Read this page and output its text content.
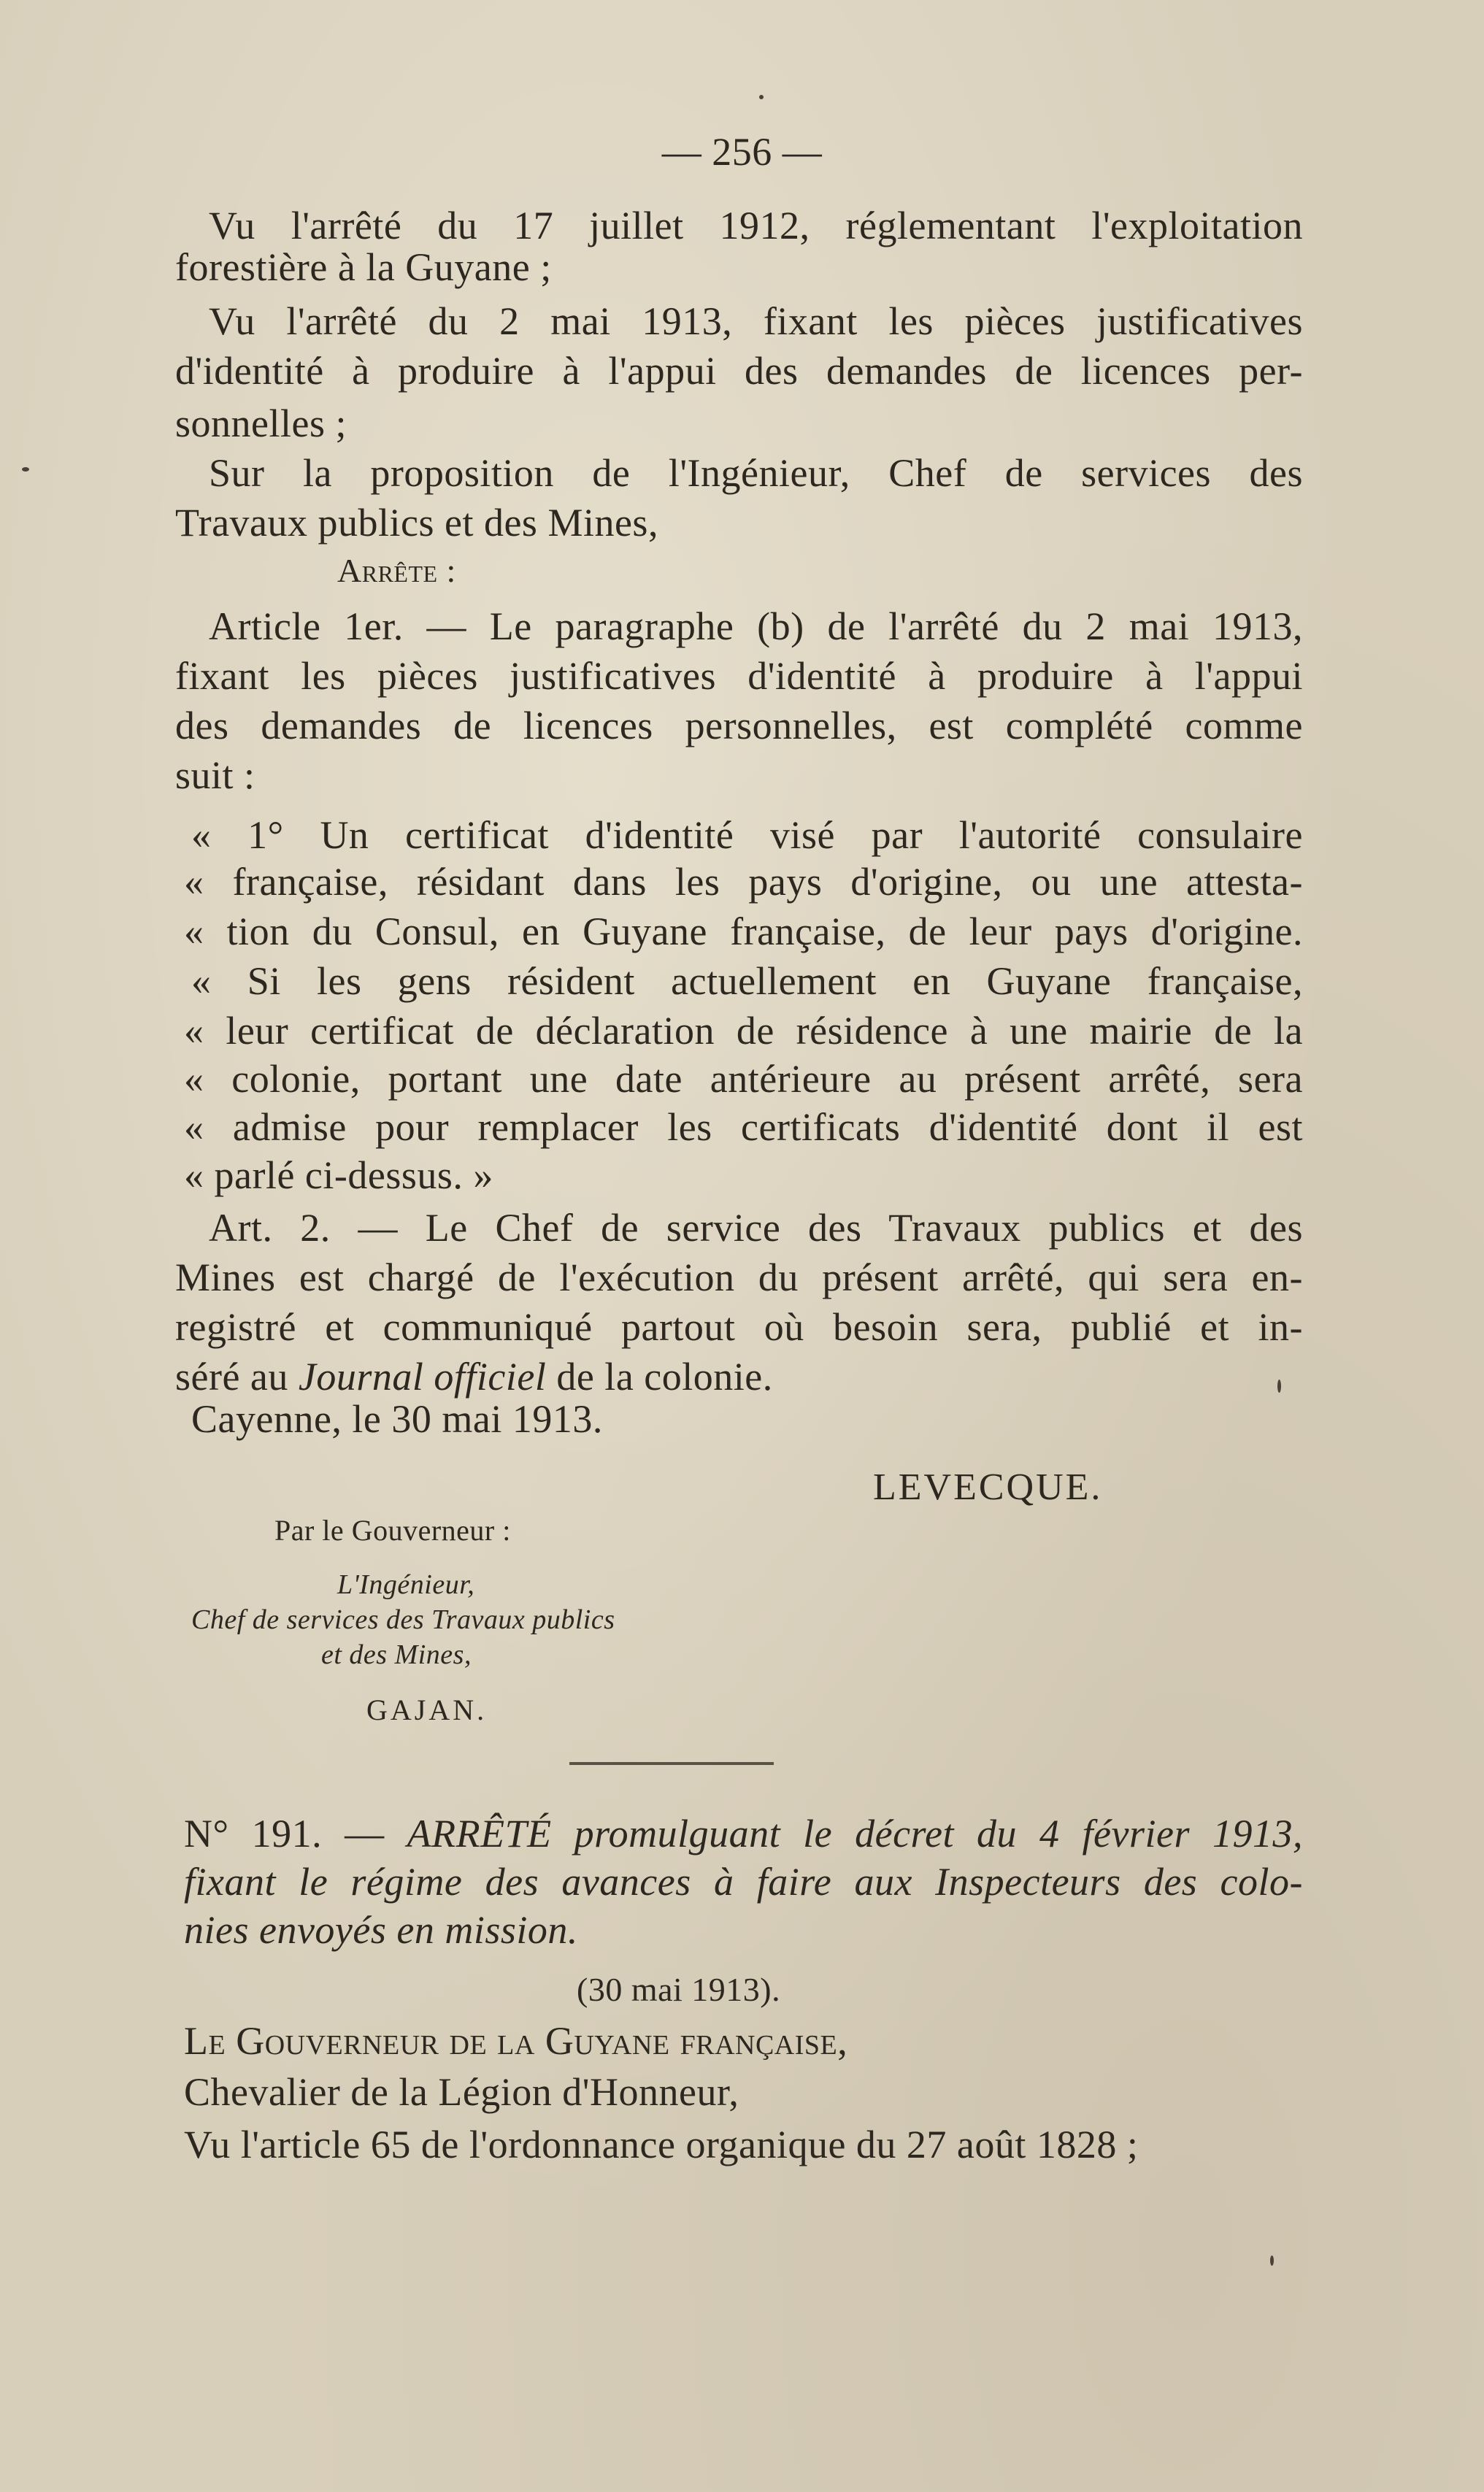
— 256 —
Vu l'arrêté du 17 juillet 1912, réglementant l'exploitation
forestière à la Guyane ;
Vu l'arrêté du 2 mai 1913, fixant les pièces justificatives
d'identité à produire à l'appui des demandes de licences per-
sonnelles ;
Sur la proposition de l'Ingénieur, Chef de services des
Travaux publics et des Mines,
Arrête :
Article 1er. — Le paragraphe (b) de l'arrêté du 2 mai 1913,
fixant les pièces justificatives d'identité à produire à l'appui
des demandes de licences personnelles, est complété comme
suit :
« 1° Un certificat d'identité visé par l'autorité consulaire
« française, résidant dans les pays d'origine, ou une attesta-
« tion du Consul, en Guyane française, de leur pays d'origine.
« Si les gens résident actuellement en Guyane française,
« leur certificat de déclaration de résidence à une mairie de la
« colonie, portant une date antérieure au présent arrêté, sera
« admise pour remplacer les certificats d'identité dont il est
« parlé ci-dessus. »
Art. 2. — Le Chef de service des Travaux publics et des
Mines est chargé de l'exécution du présent arrêté, qui sera en-
registré et communiqué partout où besoin sera, publié et in-
séré au Journal officiel de la colonie.
Cayenne, le 30 mai 1913.
LEVECQUE.
Par le Gouverneur :
L'Ingénieur,
Chef de services des Travaux publics
et des Mines,
GAJAN.
N° 191. — ARRÊTÉ promulguant le décret du 4 février 1913,
fixant le régime des avances à faire aux Inspecteurs des colo-
nies envoyés en mission.
(30 mai 1913).
Le Gouverneur de la Guyane française,
Chevalier de la Légion d'Honneur,
Vu l'article 65 de l'ordonnance organique du 27 août 1828 ;
